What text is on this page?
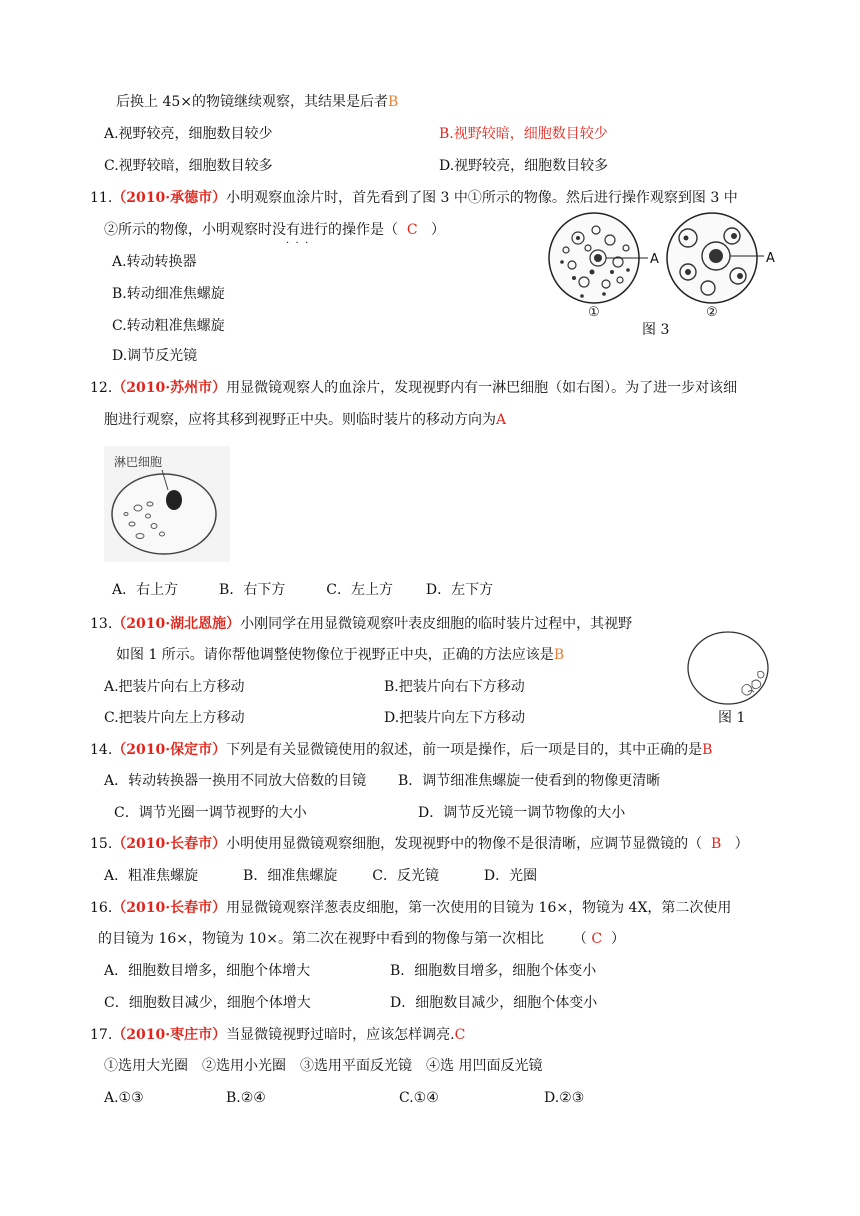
后换上 45×的物镜继续观察，其结果是后者B
A.视野较亮，细胞数目较少	B.视野较暗，细胞数目较少
C.视野较暗，细胞数目较多	D.视野较亮，细胞数目较多
11.（2010·承德市）小明观察血涂片时，首先看到了图 3 中①所示的物像。然后进行操作观察到图 3 中
②所示的物像，小明观察时没有进行的操作是（ C ）
·  ·  ·
A.转动转换器
B.转动细准焦螺旋
C.转动粗准焦螺旋
D.调节反光镜
A
①
A
②
图 3
12.（2010·苏州市）用显微镜观察人的血涂片，发现视野内有一淋巴细胞（如右图）。为了进一步对该细
胞进行观察，应将其移到视野正中央。则临时装片的移动方向为A
淋巴细胞
A．右上方	B．右下方	C．左上方 D．左下方
13.（2010·湖北恩施）小刚同学在用显微镜观察叶表皮细胞的临时装片过程中，其视野
如图 1 所示。请你帮他调整使物像位于视野正中央，正确的方法应该是B
A.把装片向右上方移动	B.把装片向右下方移动
C.把装片向左上方移动	D.把装片向左下方移动	图 1
14.（2010·保定市）下列是有关显微镜使用的叙述，前一项是操作，后一项是目的，其中正确的是B
A．转动转换器一换用不同放大倍数的目镜 B．调节细准焦螺旋一使看到的物像更清晰
C．调节光圈一调节视野的大小	D．调节反光镜一调节物像的大小
15.（2010·长春市）小明使用显微镜观察细胞，发现视野中的物像不是很清晰，应调节显微镜的（ B ）
A．粗准焦螺旋	B．细准焦螺旋 C．反光镜	D．光圈
16.（2010·长春市）用显微镜观察洋葱表皮细胞，第一次使用的目镜为 16×，物镜为 4X，第二次使用
的目镜为 16×，物镜为 10×。第二次在视野中看到的物像与第一次相比 （ C ）
A．细胞数目增多，细胞个体增大	B．细胞数目增多，细胞个体变小
C．细胞数目减少，细胞个体增大	D．细胞数目减少，细胞个体变小
17.（2010·枣庄市）当显微镜视野过暗时，应该怎样调亮.C
①选用大光圈　②选用小光圈　③选用平面反光镜　④选 用凹面反光镜
A.①③	B.②④	C.①④	D.②③
